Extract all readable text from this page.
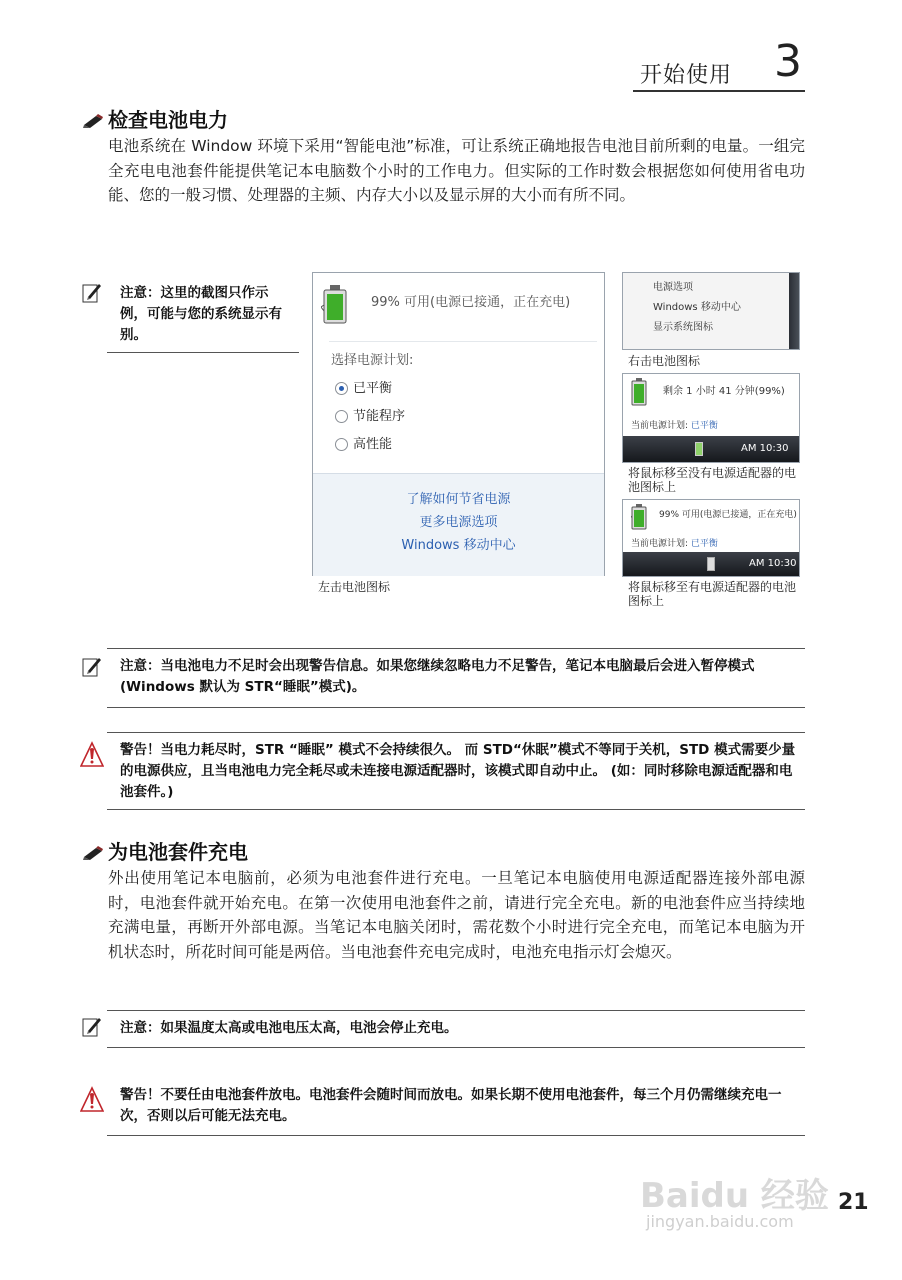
开始使用 3
检查电池电力
电池系统在 Window 环境下采用“智能电池”标准，可让系统正确地报告电池目前所剩的电量。一组完全充电电池套件能提供笔记本电脑数个小时的工作电力。但实际的工作时数会根据您如何使用省电功能、您的一般习惯、处理器的主频、内存大小以及显示屏的大小而有所不同。
注意：这里的截图只作示例，可能与您的系统显示有别。
99% 可用(电源已接通，正在充电)
选择电源计划:
已平衡
节能程序
高性能
了解如何节省电源
更多电源选项
Windows 移动中心
左击电池图标
电源选项
Windows 移动中心
显示系统图标
右击电池图标
剩余 1 小时 41 分钟(99%)
当前电源计划: 已平衡
AM 10:30
将鼠标移至没有电源适配器的电池图标上
99% 可用(电源已接通，正在充电)
当前电源计划: 已平衡
AM 10:30
将鼠标移至有电源适配器的电池图标上
注意：当电池电力不足时会出现警告信息。如果您继续忽略电力不足警告，笔记本电脑最后会进入暂停模式 (Windows 默认为 STR“睡眠”模式)。
警告！当电力耗尽时，STR “睡眠” 模式不会持续很久。 而 STD“休眠”模式不等同于关机，STD 模式需要少量的电源供应，且当电池电力完全耗尽或未连接电源适配器时，该模式即自动中止。 (如：同时移除电源适配器和电池套件。)
为电池套件充电
外出使用笔记本电脑前，必须为电池套件进行充电。一旦笔记本电脑使用电源适配器连接外部电源时，电池套件就开始充电。在第一次使用电池套件之前，请进行完全充电。新的电池套件应当持续地充满电量，再断开外部电源。当笔记本电脑关闭时，需花数个小时进行完全充电，而笔记本电脑为开机状态时，所花时间可能是两倍。当电池套件充电完成时，电池充电指示灯会熄灭。
注意：如果温度太高或电池电压太高，电池会停止充电。
警告！不要任由电池套件放电。电池套件会随时间而放电。如果长期不使用电池套件，每三个月仍需继续充电一次，否则以后可能无法充电。
Baidu 经验
jingyan.baidu.com
21
